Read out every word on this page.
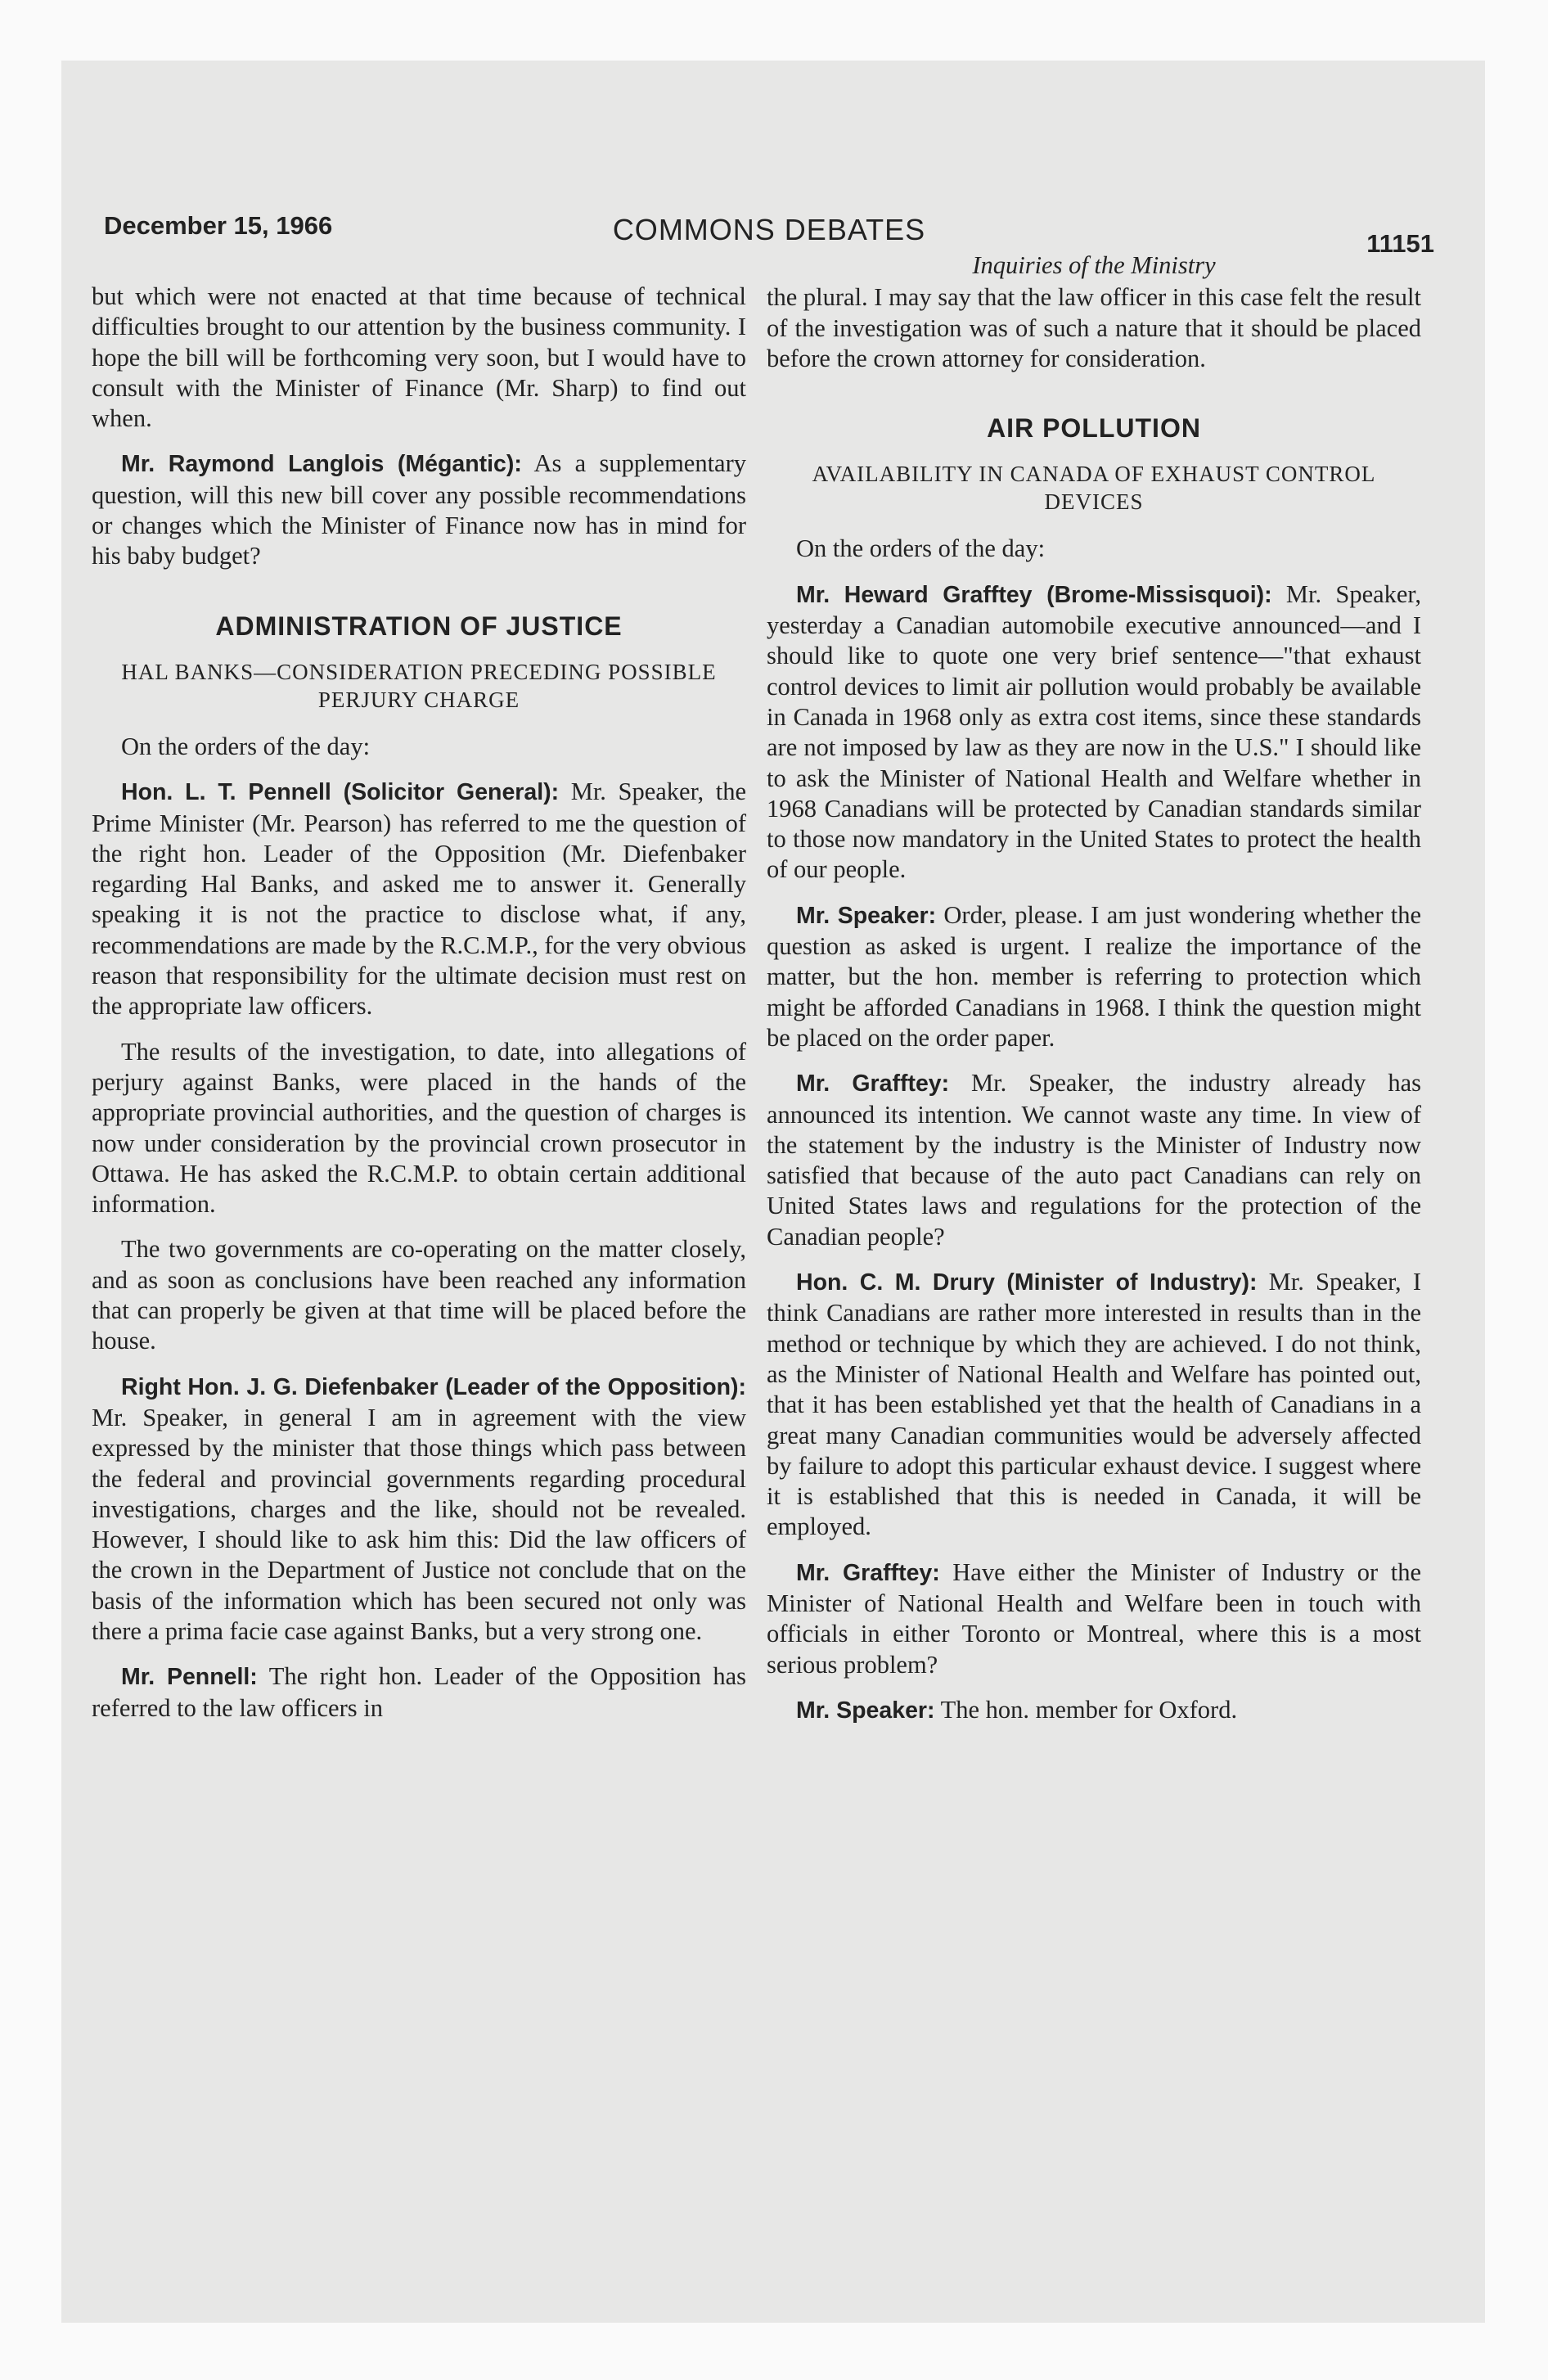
December 15, 1966	COMMONS DEBATES	11151

but which were not enacted at that time because of technical difficulties brought to our attention by the business community. I hope the bill will be forthcoming very soon, but I would have to consult with the Minister of Finance (Mr. Sharp) to find out when.

Mr. Raymond Langlois (Mégantic): As a supplementary question, will this new bill cover any possible recommendations or changes which the Minister of Finance now has in mind for his baby budget?

ADMINISTRATION OF JUSTICE
HAL BANKS—CONSIDERATION PRECEDING POSSIBLE PERJURY CHARGE

On the orders of the day:

Hon. L. T. Pennell (Solicitor General): Mr. Speaker, the Prime Minister (Mr. Pearson) has referred to me the question of the right hon. Leader of the Opposition (Mr. Diefenbaker regarding Hal Banks, and asked me to answer it. Generally speaking it is not the practice to disclose what, if any, recommendations are made by the R.C.M.P., for the very obvious reason that responsibility for the ultimate decision must rest on the appropriate law officers.

The results of the investigation, to date, into allegations of perjury against Banks, were placed in the hands of the appropriate provincial authorities, and the question of charges is now under consideration by the provincial crown prosecutor in Ottawa. He has asked the R.C.M.P. to obtain certain additional information.

The two governments are co-operating on the matter closely, and as soon as conclusions have been reached any information that can properly be given at that time will be placed before the house.

Right Hon. J. G. Diefenbaker (Leader of the Opposition): Mr. Speaker, in general I am in agreement with the view expressed by the minister that those things which pass between the federal and provincial governments regarding procedural investigations, charges and the like, should not be revealed. However, I should like to ask him this: Did the law officers of the crown in the Department of Justice not conclude that on the basis of the information which has been secured not only was there a prima facie case against Banks, but a very strong one.

Mr. Pennell: The right hon. Leader of the Opposition has referred to the law officers in

Inquiries of the Ministry

the plural. I may say that the law officer in this case felt the result of the investigation was of such a nature that it should be placed before the crown attorney for consideration.

AIR POLLUTION
AVAILABILITY IN CANADA OF EXHAUST CONTROL DEVICES

On the orders of the day:

Mr. Heward Grafftey (Brome-Missisquoi): Mr. Speaker, yesterday a Canadian automobile executive announced—and I should like to quote one very brief sentence—"that exhaust control devices to limit air pollution would probably be available in Canada in 1968 only as extra cost items, since these standards are not imposed by law as they are now in the U.S." I should like to ask the Minister of National Health and Welfare whether in 1968 Canadians will be protected by Canadian standards similar to those now mandatory in the United States to protect the health of our people.

Mr. Speaker: Order, please. I am just wondering whether the question as asked is urgent. I realize the importance of the matter, but the hon. member is referring to protection which might be afforded Canadians in 1968. I think the question might be placed on the order paper.

Mr. Grafftey: Mr. Speaker, the industry already has announced its intention. We cannot waste any time. In view of the statement by the industry is the Minister of Industry now satisfied that because of the auto pact Canadians can rely on United States laws and regulations for the protection of the Canadian people?

Hon. C. M. Drury (Minister of Industry): Mr. Speaker, I think Canadians are rather more interested in results than in the method or technique by which they are achieved. I do not think, as the Minister of National Health and Welfare has pointed out, that it has been established yet that the health of Canadians in a great many Canadian communities would be adversely affected by failure to adopt this particular exhaust device. I suggest where it is established that this is needed in Canada, it will be employed.

Mr. Grafftey: Have either the Minister of Industry or the Minister of National Health and Welfare been in touch with officials in either Toronto or Montreal, where this is a most serious problem?

Mr. Speaker: The hon. member for Oxford.
